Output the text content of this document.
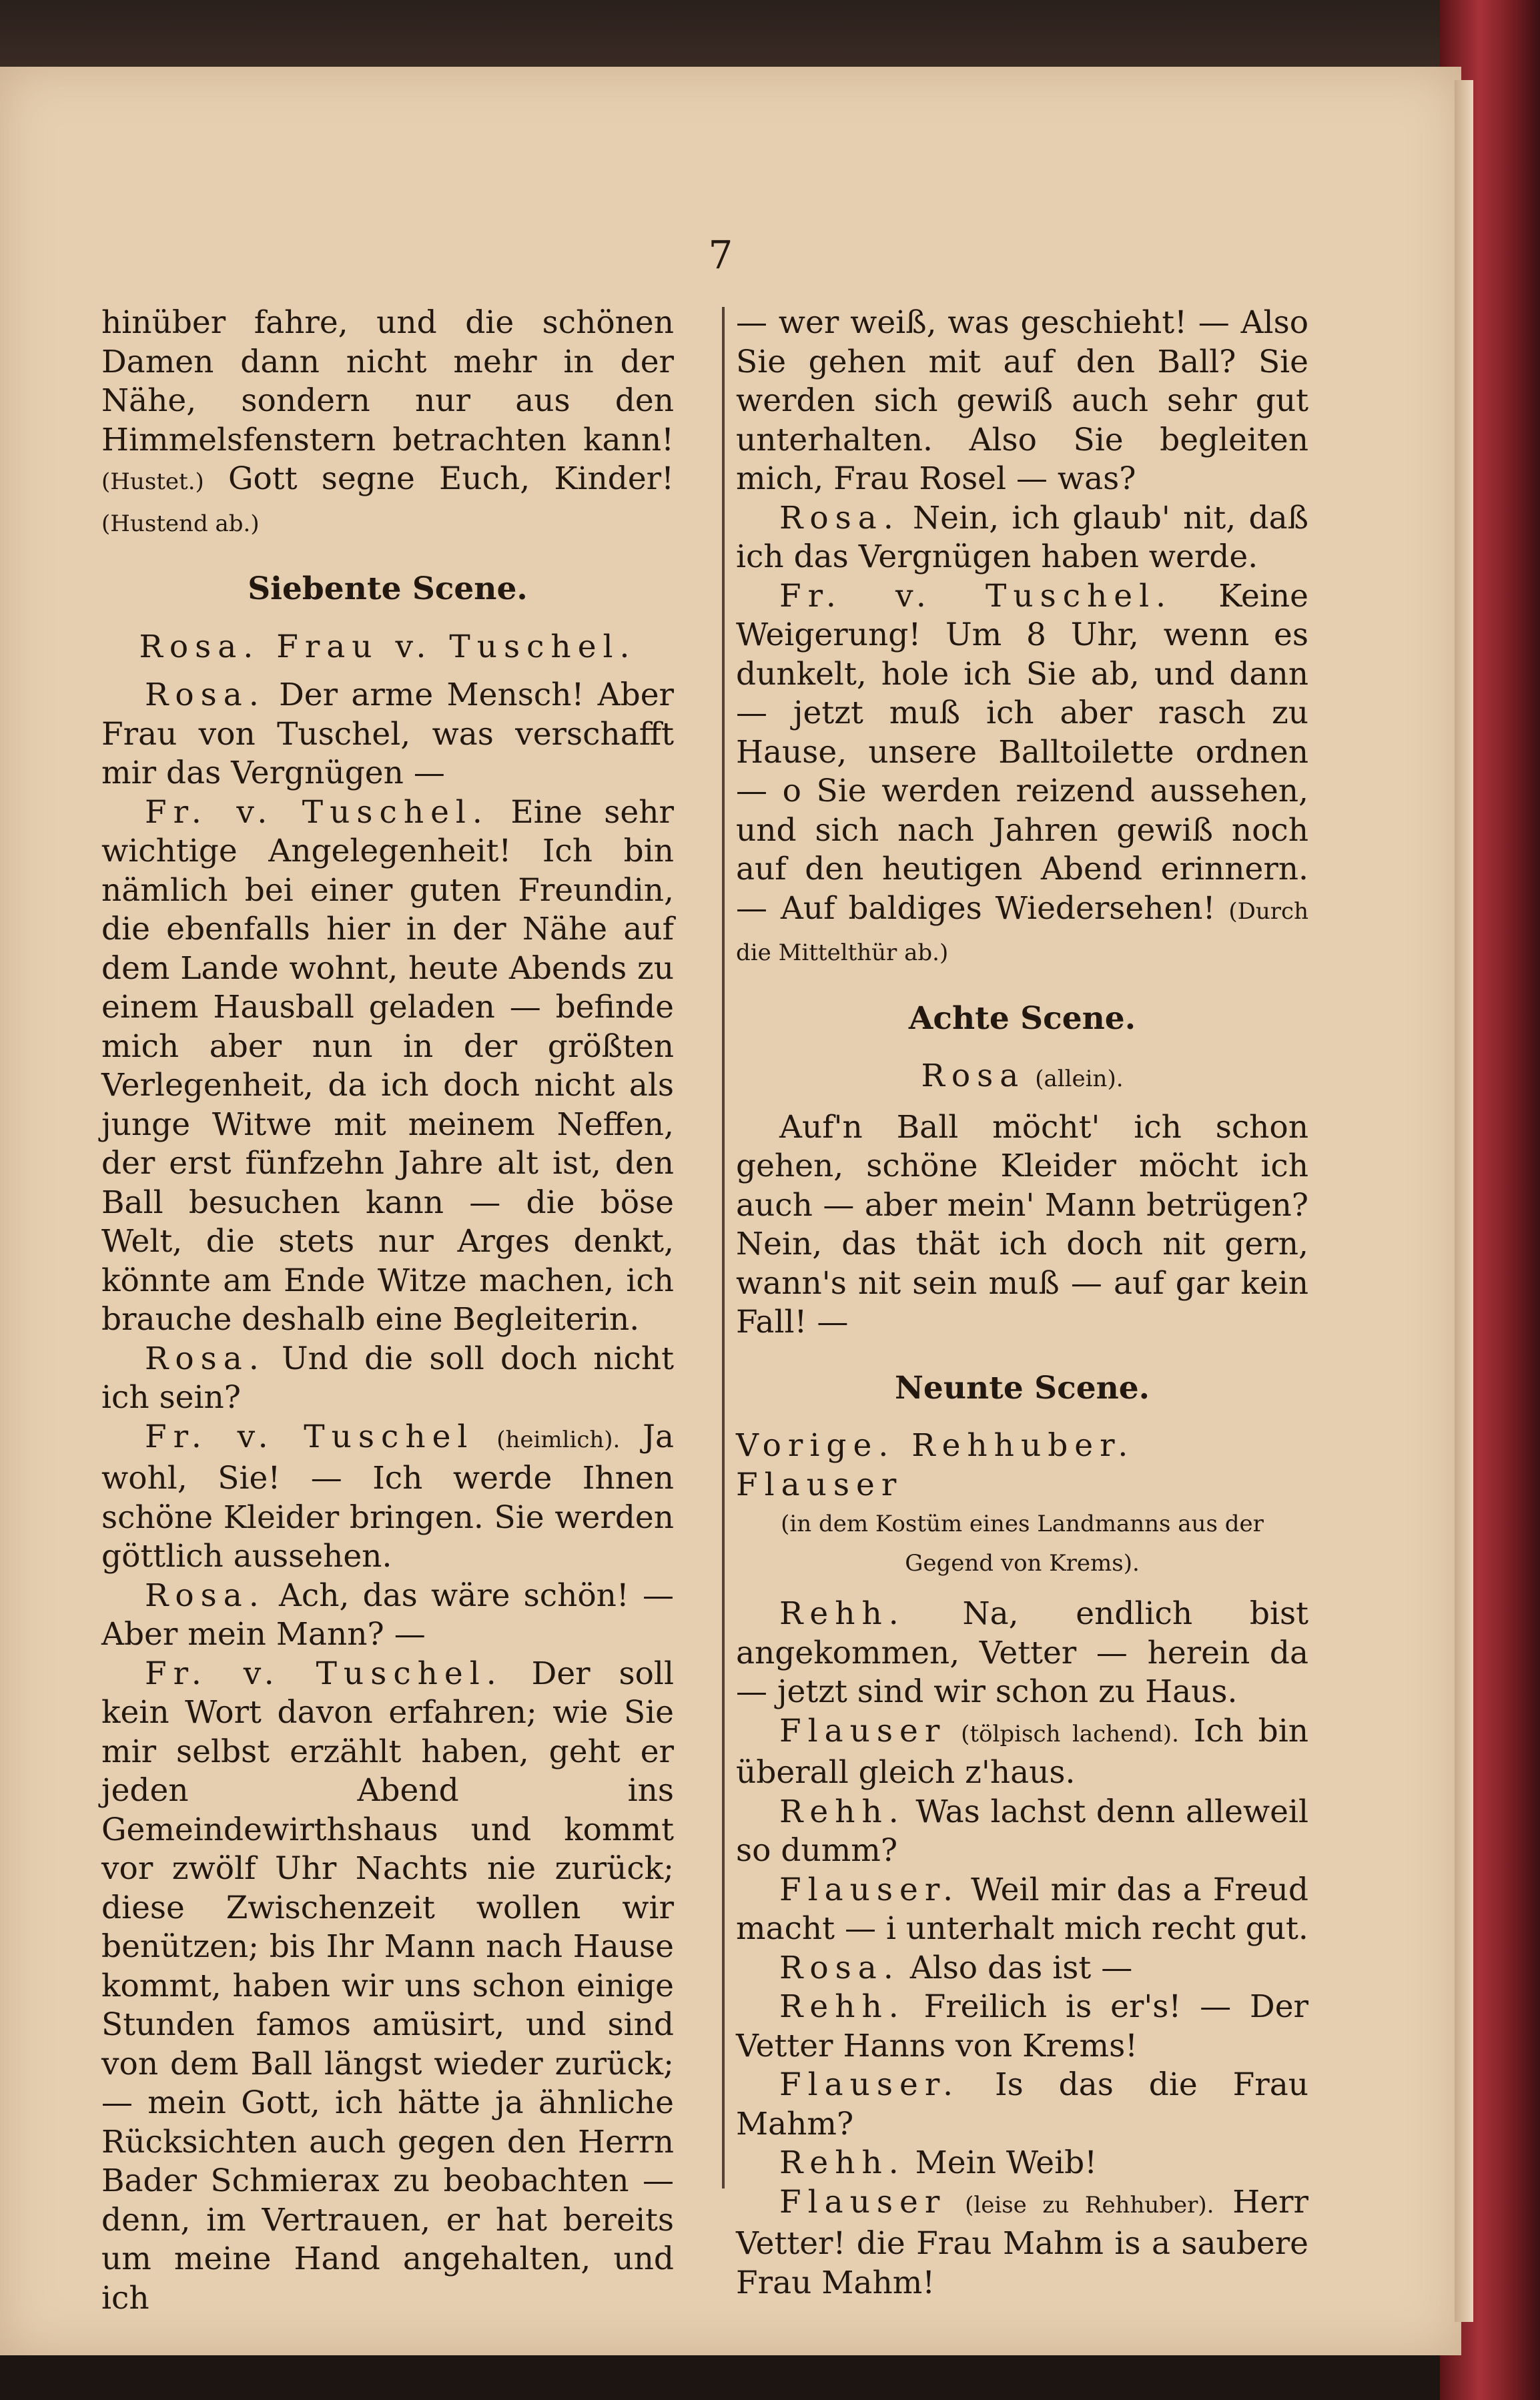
7

hinüber fahre, und die schönen Damen dann nicht mehr in der Nähe, sondern nur aus den Himmelsfenstern betrachten kann! (Hustet.) Gott segne Euch, Kinder! (Hustend ab.)

Siebente Scene.
Rosa. Frau v. Tuschel.

Rosa. Der arme Mensch! Aber Frau von Tuschel, was verschafft mir das Vergnügen —

Fr. v. Tuschel. Eine sehr wichtige Angelegenheit! Ich bin nämlich bei einer guten Freundin, die ebenfalls hier in der Nähe auf dem Lande wohnt, heute Abends zu einem Hausball geladen — befinde mich aber nun in der größten Verlegenheit, da ich doch nicht als junge Witwe mit meinem Neffen, der erst fünfzehn Jahre alt ist, den Ball besuchen kann — die böse Welt, die stets nur Arges denkt, könnte am Ende Witze machen, ich brauche deshalb eine Begleiterin.

Rosa. Und die soll doch nicht ich sein?

Fr. v. Tuschel (heimlich). Ja wohl, Sie! — Ich werde Ihnen schöne Kleider bringen. Sie werden göttlich aussehen.

Rosa. Ach, das wäre schön! — Aber mein Mann? —

Fr. v. Tuschel. Der soll kein Wort davon erfahren; wie Sie mir selbst erzählt haben, geht er jeden Abend ins Gemeindewirthshaus und kommt vor zwölf Uhr Nachts nie zurück; diese Zwischenzeit wollen wir benützen; bis Ihr Mann nach Hause kommt, haben wir uns schon einige Stunden famos amüsirt, und sind von dem Ball längst wieder zurück; — mein Gott, ich hätte ja ähnliche Rücksichten auch gegen den Herrn Bader Schmierax zu beobachten — denn, im Vertrauen, er hat bereits um meine Hand angehalten, und ich

— wer weiß, was geschieht! — Also Sie gehen mit auf den Ball? Sie werden sich gewiß auch sehr gut unterhalten. Also Sie begleiten mich, Frau Rosel — was?

Rosa. Nein, ich glaub' nit, daß ich das Vergnügen haben werde.

Fr. v. Tuschel. Keine Weigerung! Um 8 Uhr, wenn es dunkelt, hole ich Sie ab, und dann — jetzt muß ich aber rasch zu Hause, unsere Balltoilette ordnen — o Sie werden reizend aussehen, und sich nach Jahren gewiß noch auf den heutigen Abend erinnern. — Auf baldiges Wiedersehen! (Durch die Mittelthür ab.)

Achte Scene.
Rosa (allein).

Auf'n Ball möcht' ich schon gehen, schöne Kleider möcht ich auch — aber mein' Mann betrügen? Nein, das thät ich doch nit gern, wann's nit sein muß — auf gar kein Fall! —

Neunte Scene.
Vorige. Rehhuber. Flauser
(in dem Kostüm eines Landmanns aus der Gegend von Krems).

Rehh. Na, endlich bist angekommen, Vetter — herein da — jetzt sind wir schon zu Haus.

Flauser (tölpisch lachend). Ich bin überall gleich z'haus.

Rehh. Was lachst denn alleweil so dumm?

Flauser. Weil mir das a Freud macht — i unterhalt mich recht gut.

Rosa. Also das ist —

Rehh. Freilich is er's! — Der Vetter Hanns von Krems!

Flauser. Is das die Frau Mahm?

Rehh. Mein Weib!

Flauser (leise zu Rehhuber). Herr Vetter! die Frau Mahm is a saubere Frau Mahm!
